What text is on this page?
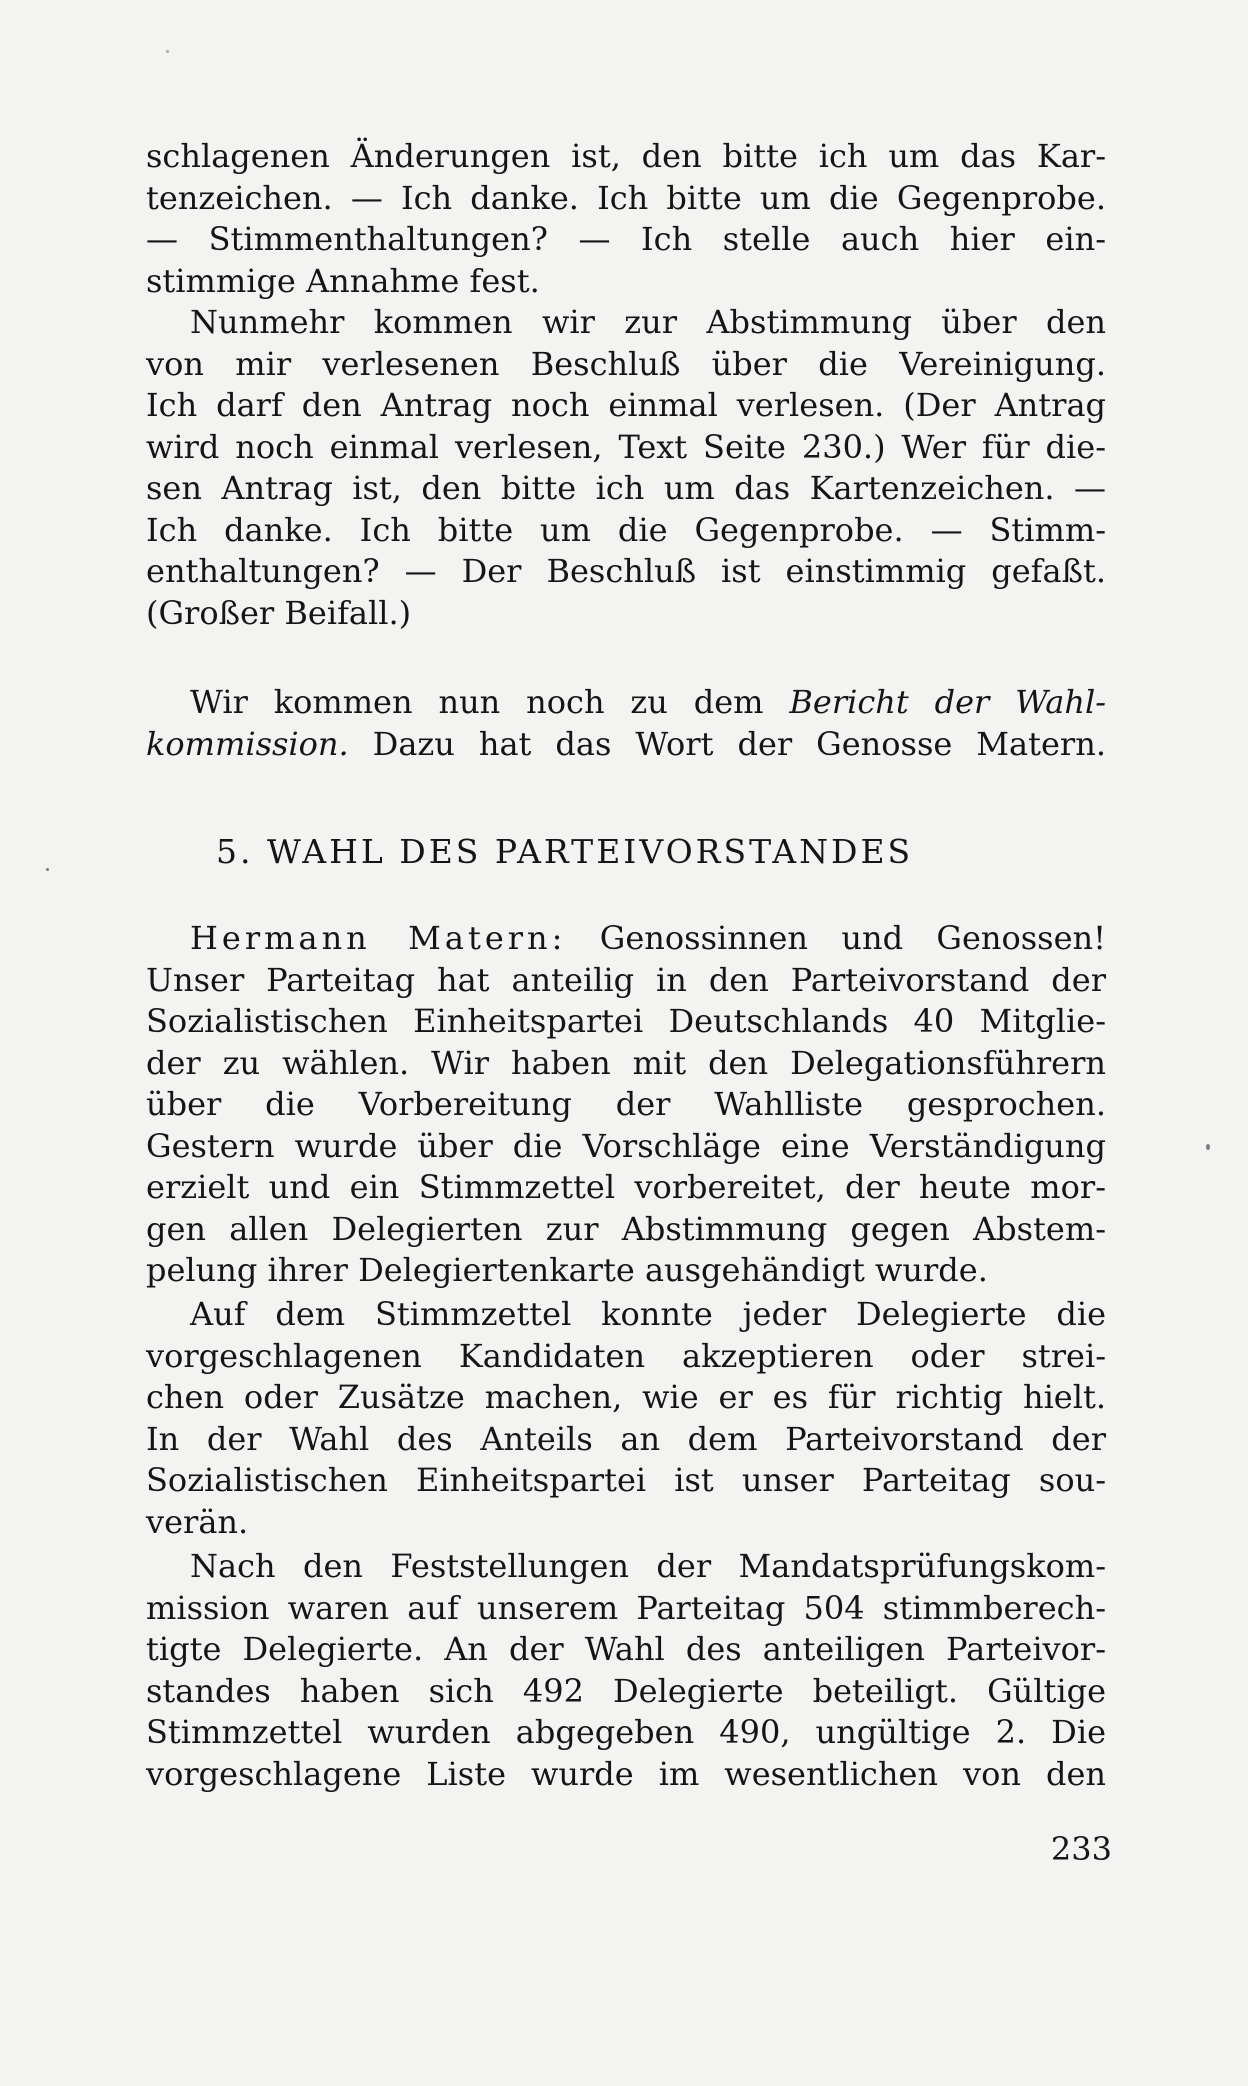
schlagenen Änderungen ist, den bitte ich um das Kar-
tenzeichen. — Ich danke. Ich bitte um die Gegenprobe.
— Stimmenthaltungen? — Ich stelle auch hier ein-
stimmige Annahme fest.
Nunmehr kommen wir zur Abstimmung über den
von mir verlesenen Beschluß über die Vereinigung.
Ich darf den Antrag noch einmal verlesen. (Der Antrag
wird noch einmal verlesen, Text Seite 230.) Wer für die-
sen Antrag ist, den bitte ich um das Kartenzeichen. —
Ich danke. Ich bitte um die Gegenprobe. — Stimm-
enthaltungen? — Der Beschluß ist einstimmig gefaßt.
(Großer Beifall.)
Wir kommen nun noch zu dem Bericht der Wahl-
kommission. Dazu hat das Wort der Genosse Matern.
5. WAHL DES PARTEIVORSTANDES
Hermann Matern: Genossinnen und Genossen!
Unser Parteitag hat anteilig in den Parteivorstand der
Sozialistischen Einheitspartei Deutschlands 40 Mitglie-
der zu wählen. Wir haben mit den Delegationsführern
über die Vorbereitung der Wahlliste gesprochen.
Gestern wurde über die Vorschläge eine Verständigung
erzielt und ein Stimmzettel vorbereitet, der heute mor-
gen allen Delegierten zur Abstimmung gegen Abstem-
pelung ihrer Delegiertenkarte ausgehändigt wurde.
Auf dem Stimmzettel konnte jeder Delegierte die
vorgeschlagenen Kandidaten akzeptieren oder strei-
chen oder Zusätze machen, wie er es für richtig hielt.
In der Wahl des Anteils an dem Parteivorstand der
Sozialistischen Einheitspartei ist unser Parteitag sou-
verän.
Nach den Feststellungen der Mandatsprüfungskom-
mission waren auf unserem Parteitag 504 stimmberech-
tigte Delegierte. An der Wahl des anteiligen Parteivor-
standes haben sich 492 Delegierte beteiligt. Gültige
Stimmzettel wurden abgegeben 490, ungültige 2. Die
vorgeschlagene Liste wurde im wesentlichen von den
233
